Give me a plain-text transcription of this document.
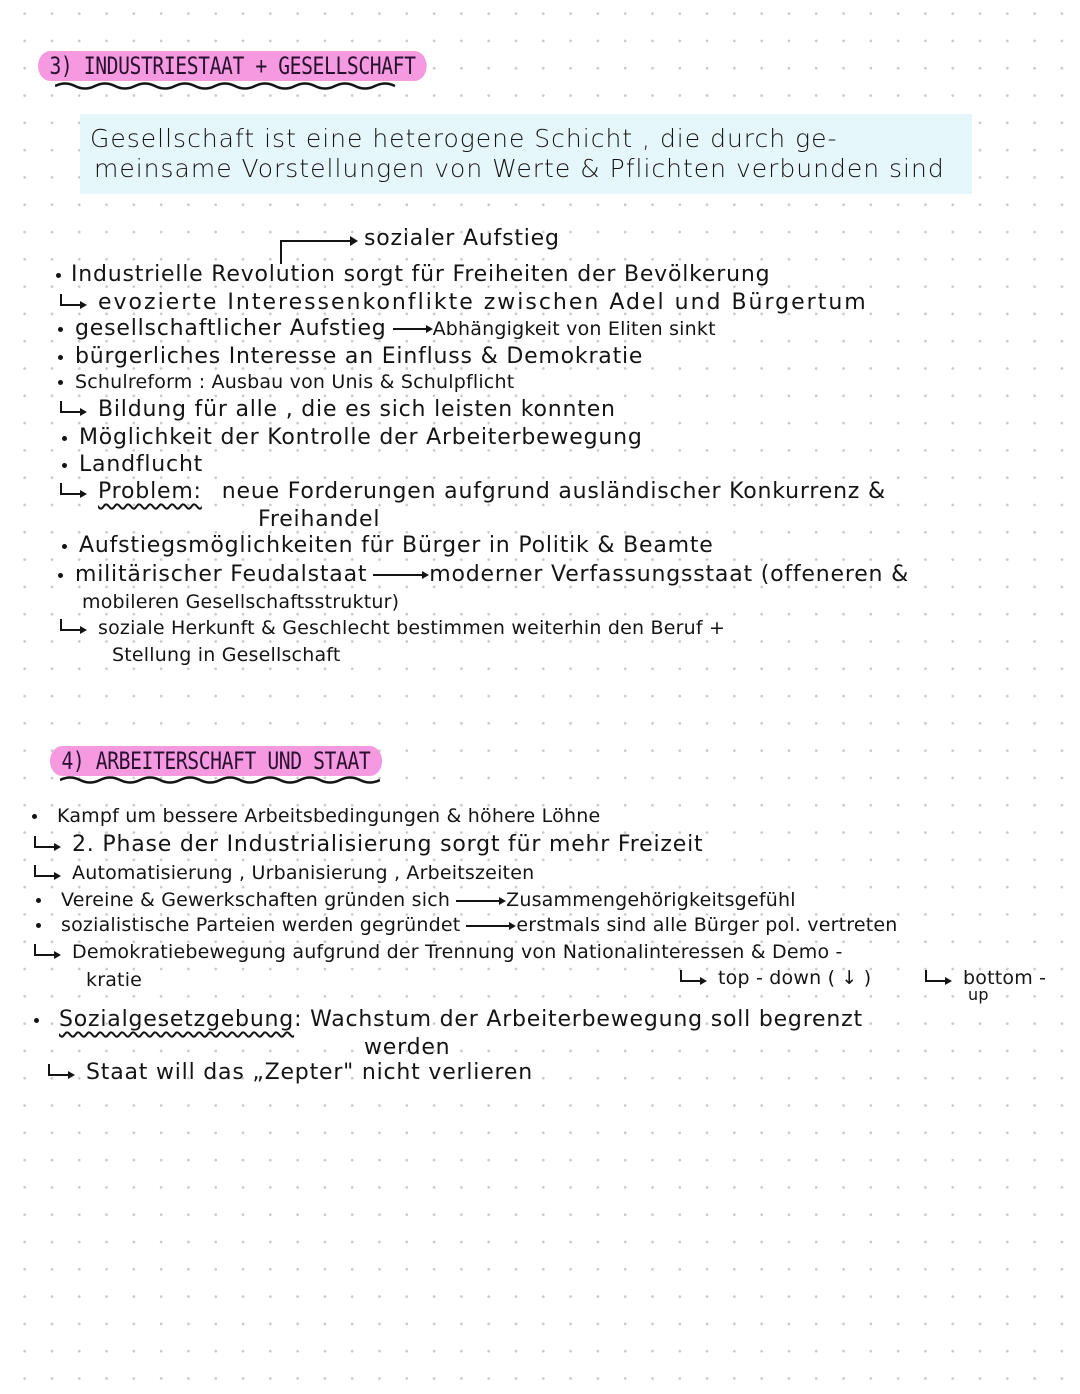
3) INDUSTRIESTAAT + GESELLSCHAFT
Gesellschaft ist eine heterogene Schicht , die durch ge-
meinsame Vorstellungen von Werte & Pflichten verbunden sind
sozialer Aufstieg
Industrielle Revolution sorgt für Freiheiten der Bevölkerung
evozierte Interessenkonflikte zwischen Adel und Bürgertum
gesellschaftlicher Aufstieg Abhängigkeit von Eliten sinkt
bürgerliches Interesse an Einfluss & Demokratie
Schulreform : Ausbau von Unis & Schulpflicht
Bildung für alle , die es sich leisten konnten
Möglichkeit der Kontrolle der Arbeiterbewegung
Landflucht
Problem: neue Forderungen aufgrund ausländischer Konkurrenz &
Freihandel
Aufstiegsmöglichkeiten für Bürger in Politik & Beamte
militärischer Feudalstaat	moderner Verfassungsstaat (offeneren &
mobileren Gesellschaftsstruktur)
soziale Herkunft & Geschlecht bestimmen weiterhin den Beruf +
Stellung in Gesellschaft
4) ARBEITERSCHAFT UND STAAT
Kampf um bessere Arbeitsbedingungen & höhere Löhne
2. Phase der Industrialisierung sorgt für mehr Freizeit
Automatisierung , Urbanisierung , Arbeitszeiten
Vereine & Gewerkschaften gründen sich	Zusammengehörigkeitsgefühl
sozialistische Parteien werden gegründet	erstmals sind alle Bürger pol. vertreten
Demokratiebewegung aufgrund der Trennung von Nationalinteressen & Demo -
kratie	top - down ( ↓ )	bottom -
up
Sozialgesetzgebung: Wachstum der Arbeiterbewegung soll begrenzt
werden
Staat will das „Zepter" nicht verlieren
